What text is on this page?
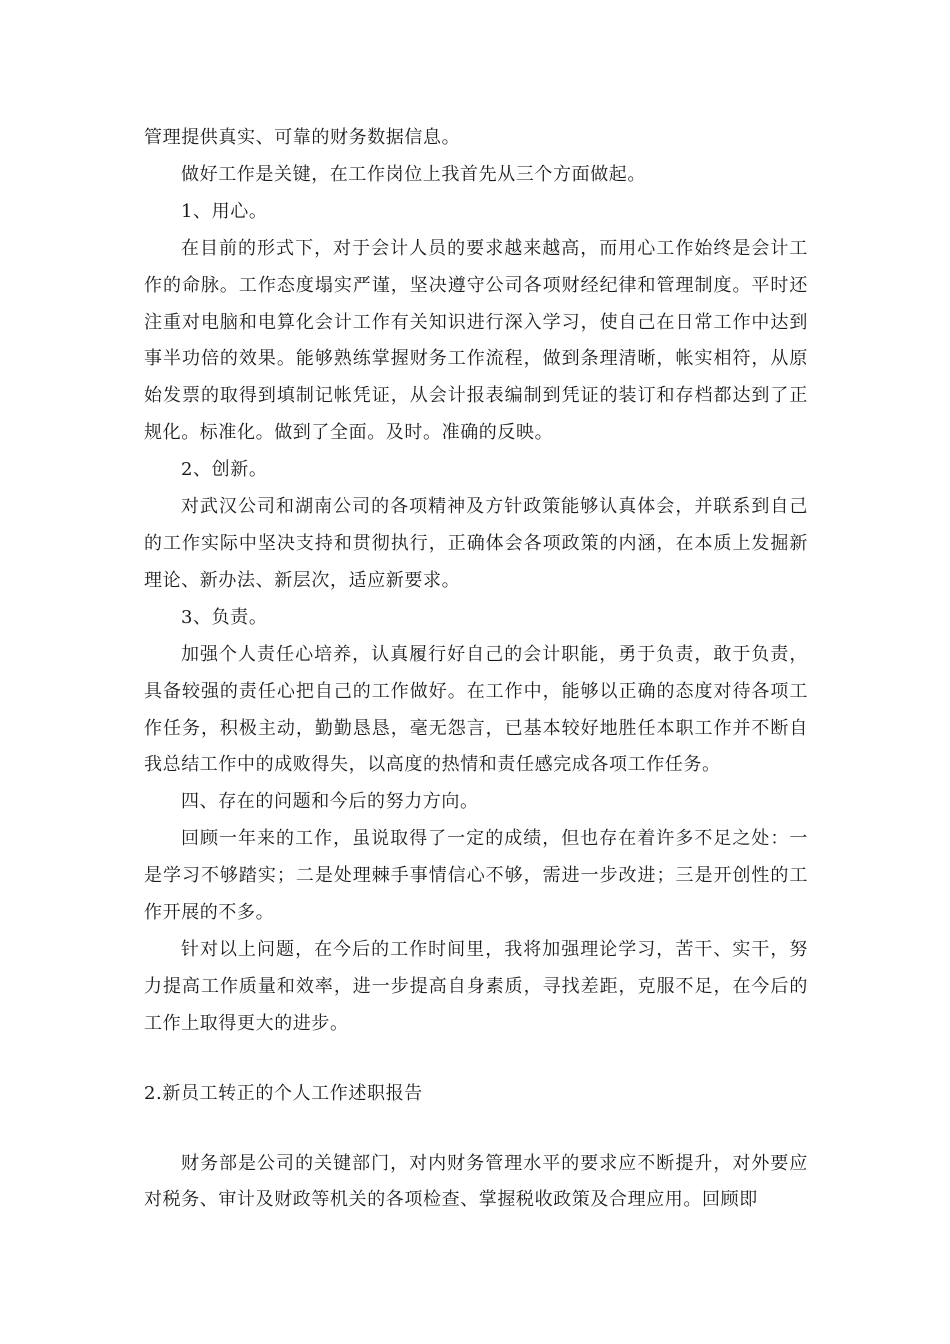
管理提供真实、可靠的财务数据信息。

做好工作是关键，在工作岗位上我首先从三个方面做起。

1、用心。

在目前的形式下，对于会计人员的要求越来越高，而用心工作始终是会计工作的命脉。工作态度塌实严谨，坚决遵守公司各项财经纪律和管理制度。平时还注重对电脑和电算化会计工作有关知识进行深入学习，使自己在日常工作中达到事半功倍的效果。能够熟练掌握财务工作流程，做到条理清晰，帐实相符，从原始发票的取得到填制记帐凭证，从会计报表编制到凭证的装订和存档都达到了正规化。标准化。做到了全面。及时。准确的反映。

2、创新。

对武汉公司和湖南公司的各项精神及方针政策能够认真体会，并联系到自己的工作实际中坚决支持和贯彻执行，正确体会各项政策的内涵，在本质上发掘新理论、新办法、新层次，适应新要求。

3、负责。

加强个人责任心培养，认真履行好自己的会计职能，勇于负责，敢于负责，具备较强的责任心把自己的工作做好。在工作中，能够以正确的态度对待各项工作任务，积极主动，勤勤恳恳，毫无怨言，已基本较好地胜任本职工作并不断自我总结工作中的成败得失，以高度的热情和责任感完成各项工作任务。

四、存在的问题和今后的努力方向。

回顾一年来的工作，虽说取得了一定的成绩，但也存在着许多不足之处：一是学习不够踏实；二是处理棘手事情信心不够，需进一步改进；三是开创性的工作开展的不多。

针对以上问题，在今后的工作时间里，我将加强理论学习，苦干、实干，努力提高工作质量和效率，进一步提高自身素质，寻找差距，克服不足，在今后的工作上取得更大的进步。

2.新员工转正的个人工作述职报告

财务部是公司的关键部门，对内财务管理水平的要求应不断提升，对外要应对税务、审计及财政等机关的各项检查、掌握税收政策及合理应用。回顾即
